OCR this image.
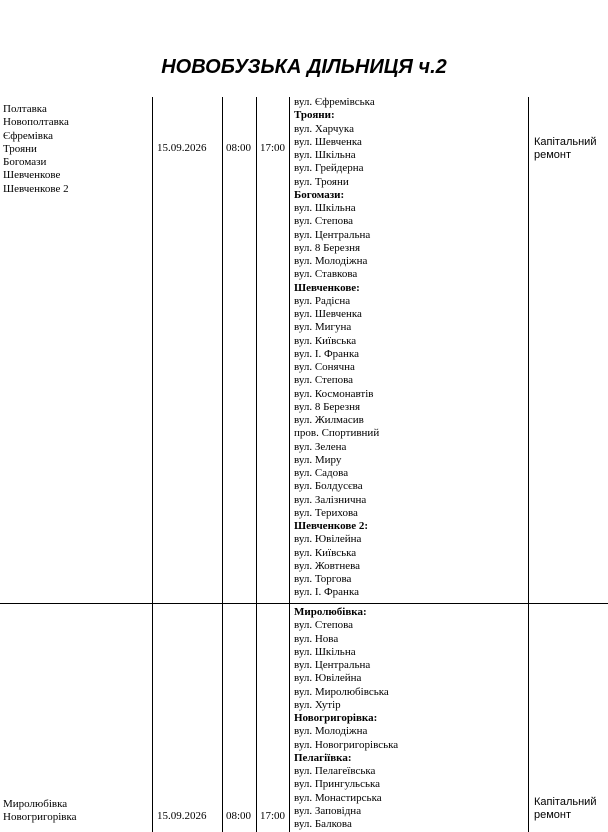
НОВОБУЗЬКА ДІЛЬНИЦЯ ч.2
Полтавка
Новополтавка
Єфремівка
Трояни
Богомази
Шевченкове
Шевченкове 2
15.09.2026 08:00 17:00	Капітальний
ремонт
вул. Єфремівська
Трояни:
вул. Харчука
вул. Шевченка
вул. Шкільна
вул. Грейдерна
вул. Трояни
Богомази:
вул. Шкільна
вул. Степова
вул. Центральна
вул. 8 Березня
вул. Молодіжна
вул. Ставкова
Шевченкове:
вул. Радісна
вул. Шевченка
вул. Мигуна
вул. Київська
вул. І. Франка
вул. Сонячна
вул. Степова
вул. Космонавтів
вул. 8 Березня
вул. Жилмасив
пров. Спортивний
вул. Зелена
вул. Миру
вул. Садова
вул. Болдусєва
вул. Залізнична
вул. Терихова
Шевченкове 2:
вул. Ювілейна
вул. Київська
вул. Жовтнева
вул. Торгова
вул. І. Франка
Миролюбівка
Новогригорівка	15.09.2026 08:00 17:00
Капітальний
ремонт
Миролюбівка:
вул. Степова
вул. Нова
вул. Шкільна
вул. Центральна
вул. Ювілейна
вул. Миролюбівська
вул. Хутір
Новогригорівка:
вул. Молодіжна
вул. Новогригорівська
Пелагіївка:
вул. Пелагеївська
вул. Прингульська
вул. Монастирська
вул. Заповідна
вул. Балкова
